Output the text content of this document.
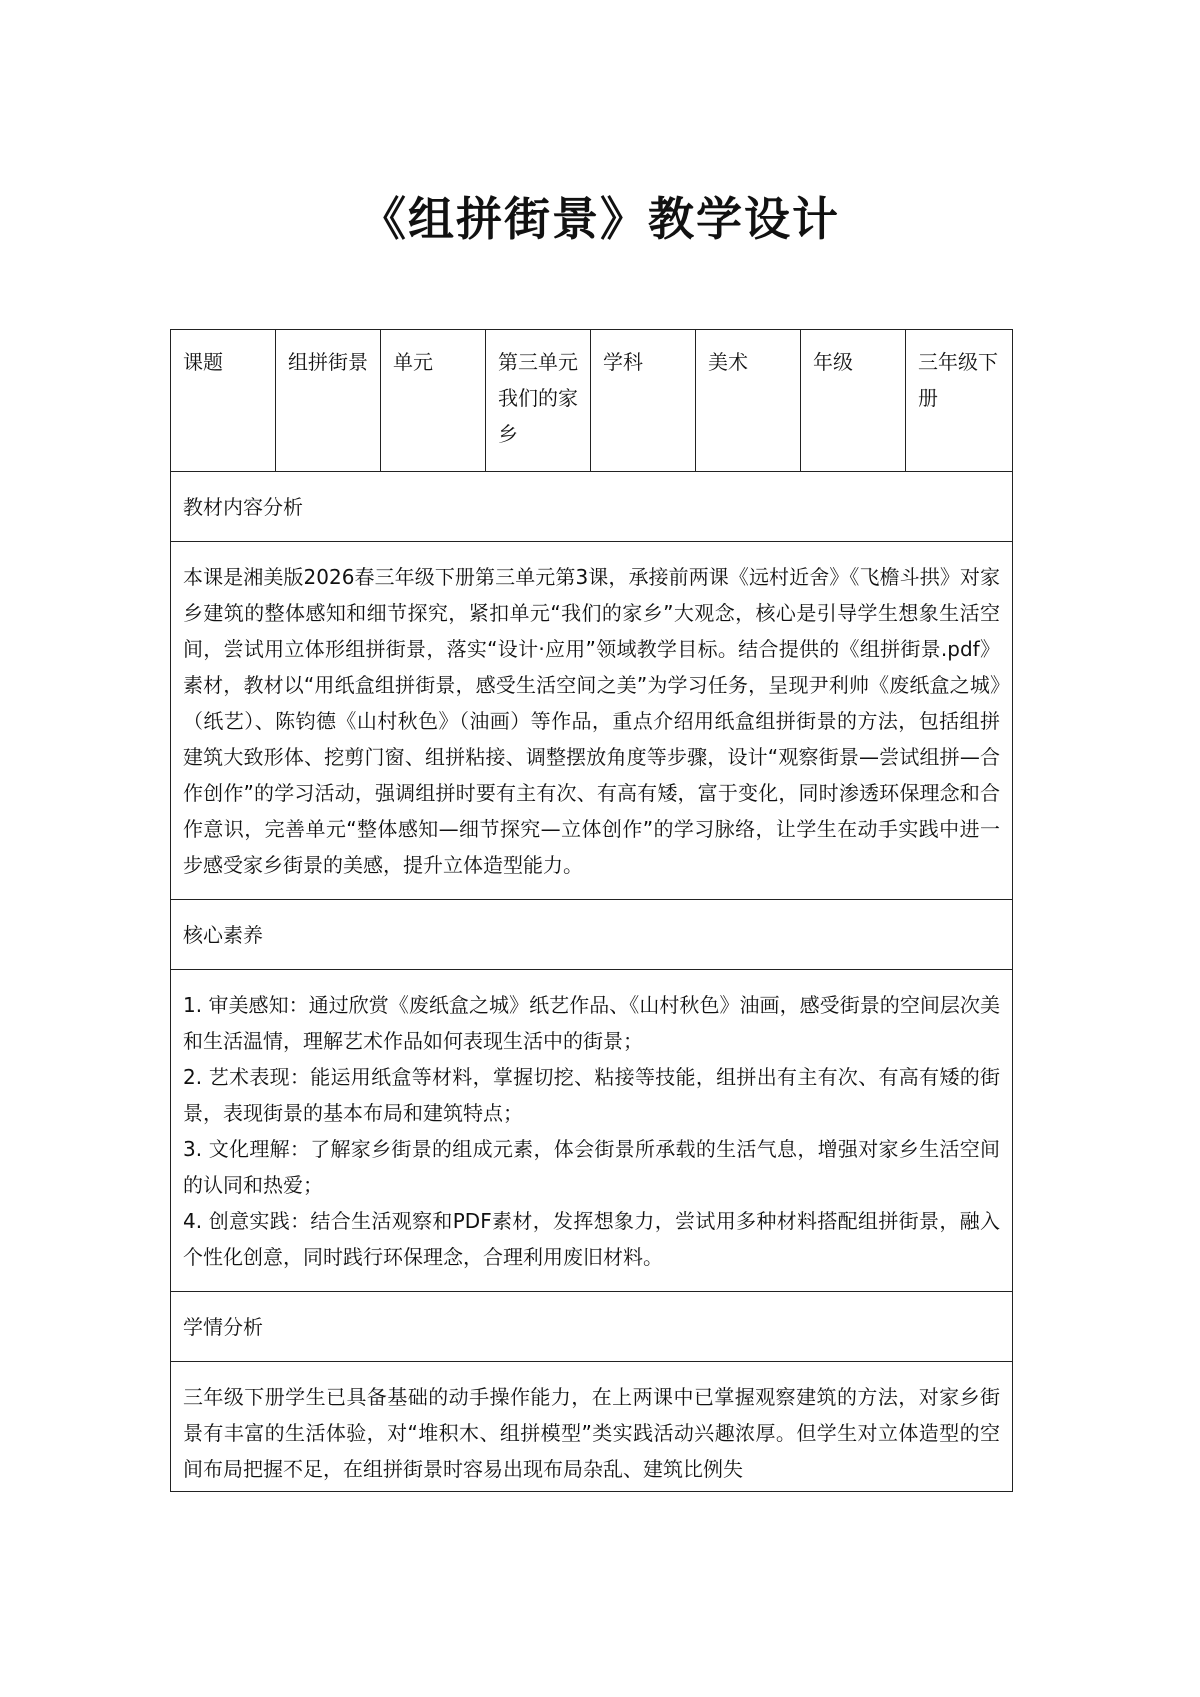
《组拼街景》教学设计
课题	组拼街景	单元	第三单元 我们的家乡	学科	美术	年级	三年级下册
教材内容分析

本课是湘美版2026春三年级下册第三单元第3课，承接前两课《远村近舍》《飞檐斗拱》对家乡建筑的整体感知和细节探究，紧扣单元“我们的家乡”大观念，核心是引导学生想象生活空间，尝试用立体形组拼街景，落实“设计·应用”领域教学目标。结合提供的《组拼街景.pdf》素材，教材以“用纸盒组拼街景，感受生活空间之美”为学习任务，呈现尹利帅《废纸盒之城》（纸艺）、陈钧德《山村秋色》（油画）等作品，重点介绍用纸盒组拼街景的方法，包括组拼建筑大致形体、挖剪门窗、组拼粘接、调整摆放角度等步骤，设计“观察街景—尝试组拼—合作创作”的学习活动，强调组拼时要有主有次、有高有矮，富于变化，同时渗透环保理念和合作意识，完善单元“整体感知—细节探究—立体创作”的学习脉络，让学生在动手实践中进一步感受家乡街景的美感，提升立体造型能力。

核心素养

1. 审美感知：通过欣赏《废纸盒之城》纸艺作品、《山村秋色》油画，感受街景的空间层次美和生活温情，理解艺术作品如何表现生活中的街景；

2. 艺术表现：能运用纸盒等材料，掌握切挖、粘接等技能，组拼出有主有次、有高有矮的街景，表现街景的基本布局和建筑特点；

3. 文化理解：了解家乡街景的组成元素，体会街景所承载的生活气息，增强对家乡生活空间的认同和热爱；

4. 创意实践：结合生活观察和PDF素材，发挥想象力，尝试用多种材料搭配组拼街景，融入个性化创意，同时践行环保理念，合理利用废旧材料。

学情分析

三年级下册学生已具备基础的动手操作能力，在上两课中已掌握观察建筑的方法，对家乡街景有丰富的生活体验，对“堆积木、组拼模型”类实践活动兴趣浓厚。但学生对立体造型的空间布局把握不足，在组拼街景时容易出现布局杂乱、建筑比例失
